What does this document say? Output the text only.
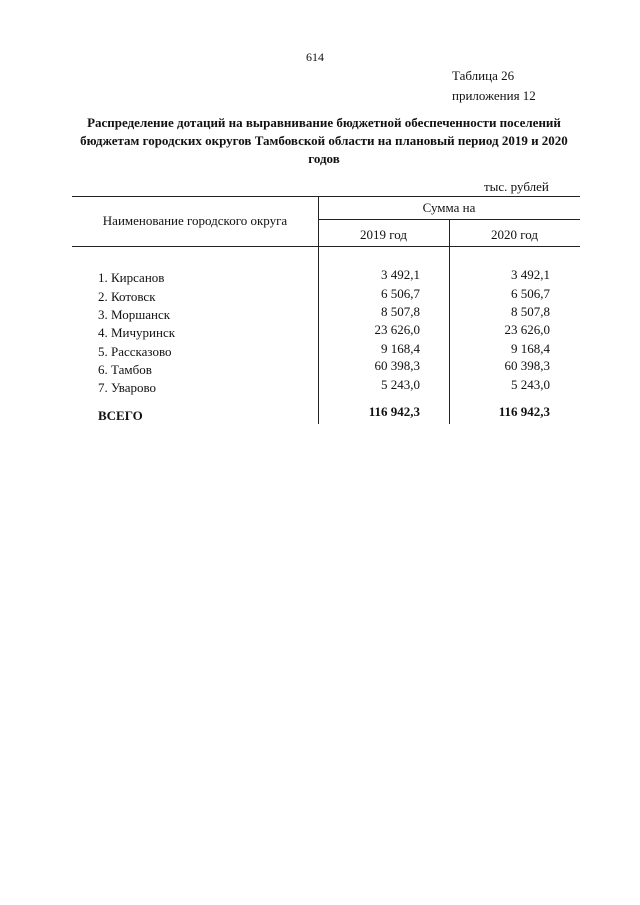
614
Таблица 26
приложения 12
Распределение дотаций на выравнивание бюджетной обеспеченности поселений бюджетам городских округов Тамбовской области на плановый период 2019 и 2020 годов
тыс. рублей
Наименование городского округа
Сумма на
2019 год	2020 год
1. Кирсанов	3 492,1	3 492,1
2. Котовск	6 506,7	6 506,7
3. Моршанск	8 507,8	8 507,8
4. Мичуринск	23 626,0	23 626,0
5. Рассказово	9 168,4	9 168,4
6. Тамбов	60 398,3	60 398,3
7. Уварово	5 243,0	5 243,0
ВСЕГО	116 942,3	116 942,3
